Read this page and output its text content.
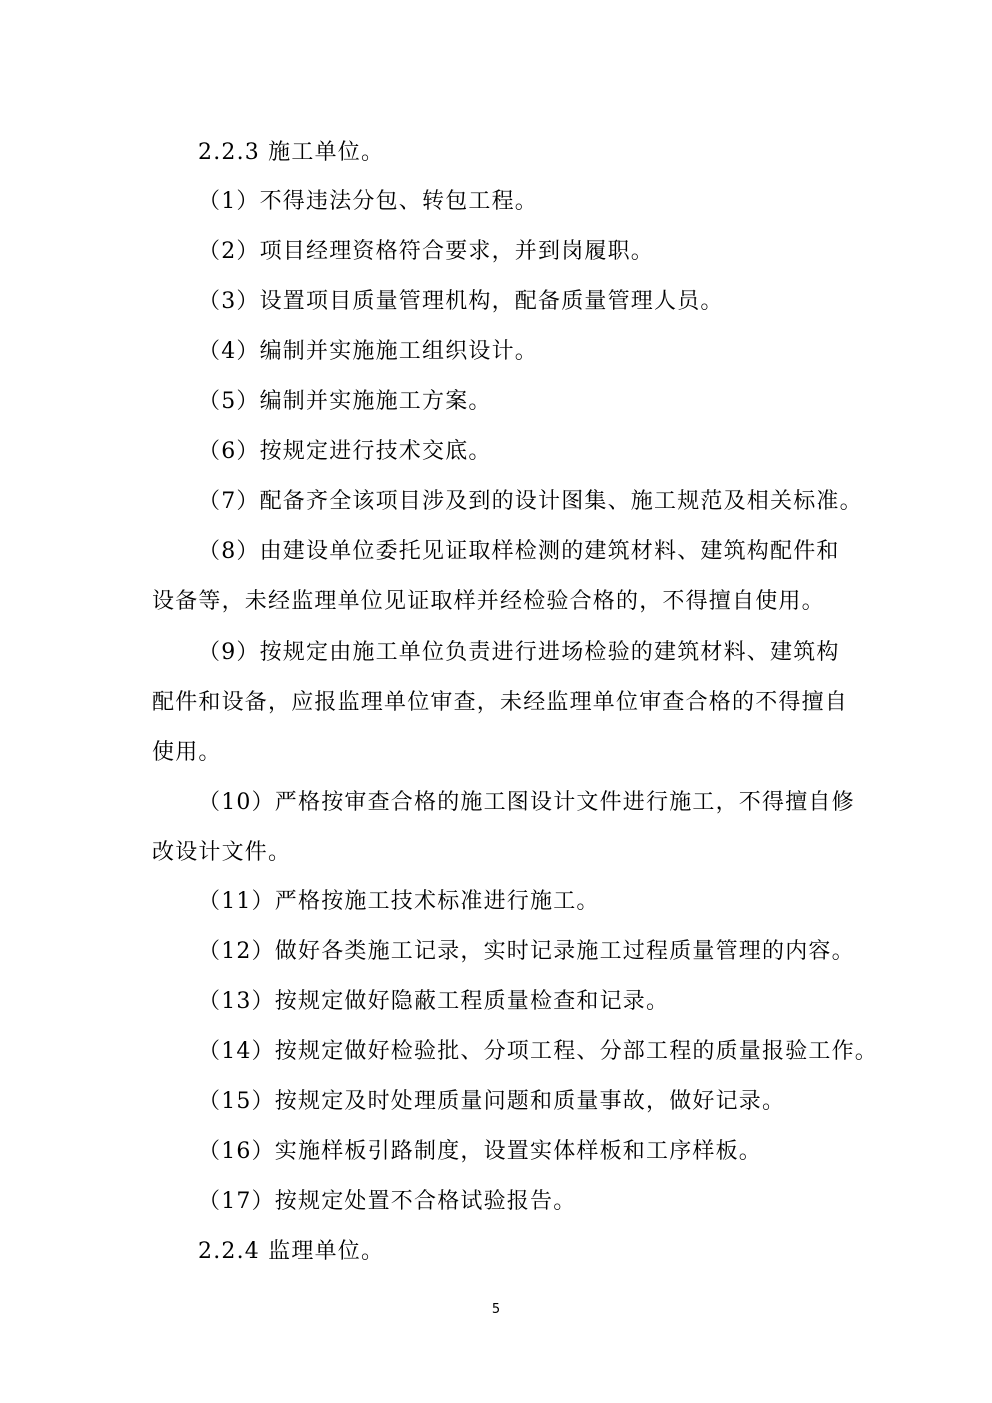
2.2.3 施工单位。
（1）不得违法分包、转包工程。
（2）项目经理资格符合要求，并到岗履职。
（3）设置项目质量管理机构，配备质量管理人员。
（4）编制并实施施工组织设计。
（5）编制并实施施工方案。
（6）按规定进行技术交底。
（7）配备齐全该项目涉及到的设计图集、施工规范及相关标准。
（8）由建设单位委托见证取样检测的建筑材料、建筑构配件和
设备等，未经监理单位见证取样并经检验合格的，不得擅自使用。
（9）按规定由施工单位负责进行进场检验的建筑材料、建筑构
配件和设备，应报监理单位审查，未经监理单位审查合格的不得擅自
使用。
（10）严格按审查合格的施工图设计文件进行施工，不得擅自修
改设计文件。
（11）严格按施工技术标准进行施工。
（12）做好各类施工记录，实时记录施工过程质量管理的内容。
（13）按规定做好隐蔽工程质量检查和记录。
（14）按规定做好检验批、分项工程、分部工程的质量报验工作。
（15）按规定及时处理质量问题和质量事故，做好记录。
（16）实施样板引路制度，设置实体样板和工序样板。
（17）按规定处置不合格试验报告。
2.2.4 监理单位。
5
